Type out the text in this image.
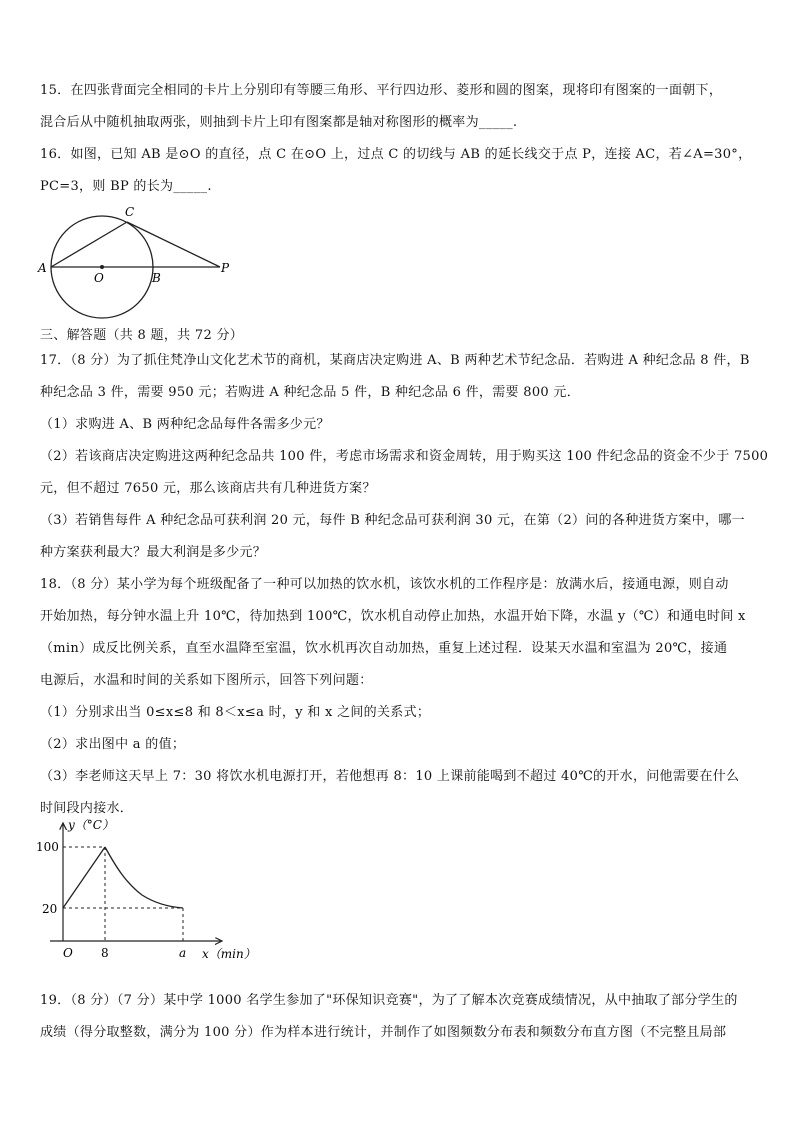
15．在四张背面完全相同的卡片上分别印有等腰三角形、平行四边形、菱形和圆的图案，现将印有图案的一面朝下，
混合后从中随机抽取两张，则抽到卡片上印有图案都是轴对称图形的概率为_____.
16．如图，已知 AB 是⊙O 的直径，点 C 在⊙O 上，过点 C 的切线与 AB 的延长线交于点 P，连接 AC，若∠A=30°，
PC=3，则 BP 的长为_____.
A
O	B
P
C
三、解答题（共 8 题，共 72 分）
17．（8 分）为了抓住梵净山文化艺术节的商机，某商店决定购进 A、B 两种艺术节纪念品．若购进 A 种纪念品 8 件，B
种纪念品 3 件，需要 950 元；若购进 A 种纪念品 5 件，B 种纪念品 6 件，需要 800 元．
（1）求购进 A、B 两种纪念品每件各需多少元？
（2）若该商店决定购进这两种纪念品共 100 件，考虑市场需求和资金周转，用于购买这 100 件纪念品的资金不少于 7500
元，但不超过 7650 元，那么该商店共有几种进货方案？
（3）若销售每件 A 种纪念品可获利润 20 元，每件 B 种纪念品可获利润 30 元，在第（2）问的各种进货方案中，哪一
种方案获利最大？最大利润是多少元？
18．（8 分）某小学为每个班级配备了一种可以加热的饮水机，该饮水机的工作程序是：放满水后，接通电源，则自动
开始加热，每分钟水温上升 10℃，待加热到 100℃，饮水机自动停止加热，水温开始下降，水温 y（℃）和通电时间 x
（min）成反比例关系，直至水温降至室温，饮水机再次自动加热，重复上述过程．设某天水温和室温为 20℃，接通
电源后，水温和时间的关系如下图所示，回答下列问题：
（1）分别求出当 0≤x≤8 和 8＜x≤a 时，y 和 x 之间的关系式；
（2）求出图中 a 的值；
（3）李老师这天早上 7：30 将饮水机电源打开，若他想再 8：10 上课前能喝到不超过 40℃的开水，问他需要在什么
时间段内接水．
y（°C）
100
20
O 8	a x（min）
19．（8 分）（7 分）某中学 1000 名学生参加了"环保知识竞赛"，为了了解本次竞赛成绩情况，从中抽取了部分学生的
成绩（得分取整数，满分为 100 分）作为样本进行统计，并制作了如图频数分布表和频数分布直方图（不完整且局部
